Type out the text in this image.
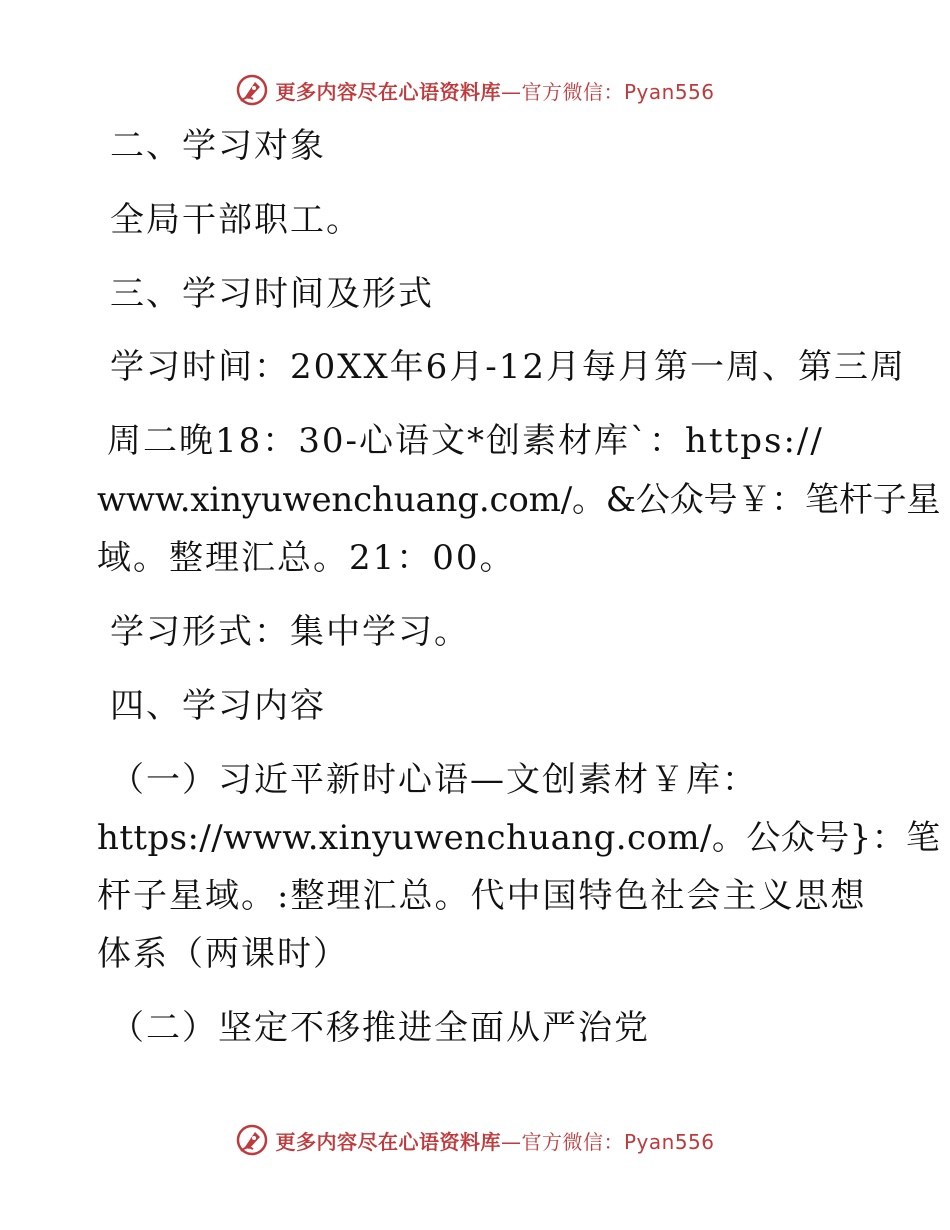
更多内容尽在心语资料库—官方微信：Pyan556
二、学习对象
全局干部职工。
三、学习时间及形式
学习时间：20XX年6月-12月每月第一周、第三周
周二晚18：30-心语文*创素材库`：https://
www.xinyuwenchuang.com/。&公众号￥：笔杆子星
域。整理汇总。21：00。
学习形式：集中学习。
四、学习内容
（一）习近平新时心语—文创素材￥库：
https://www.xinyuwenchuang.com/。公众号}：笔
杆子星域。:整理汇总。代中国特色社会主义思想
体系（两课时）
（二）坚定不移推进全面从严治党
更多内容尽在心语资料库—官方微信：Pyan556
